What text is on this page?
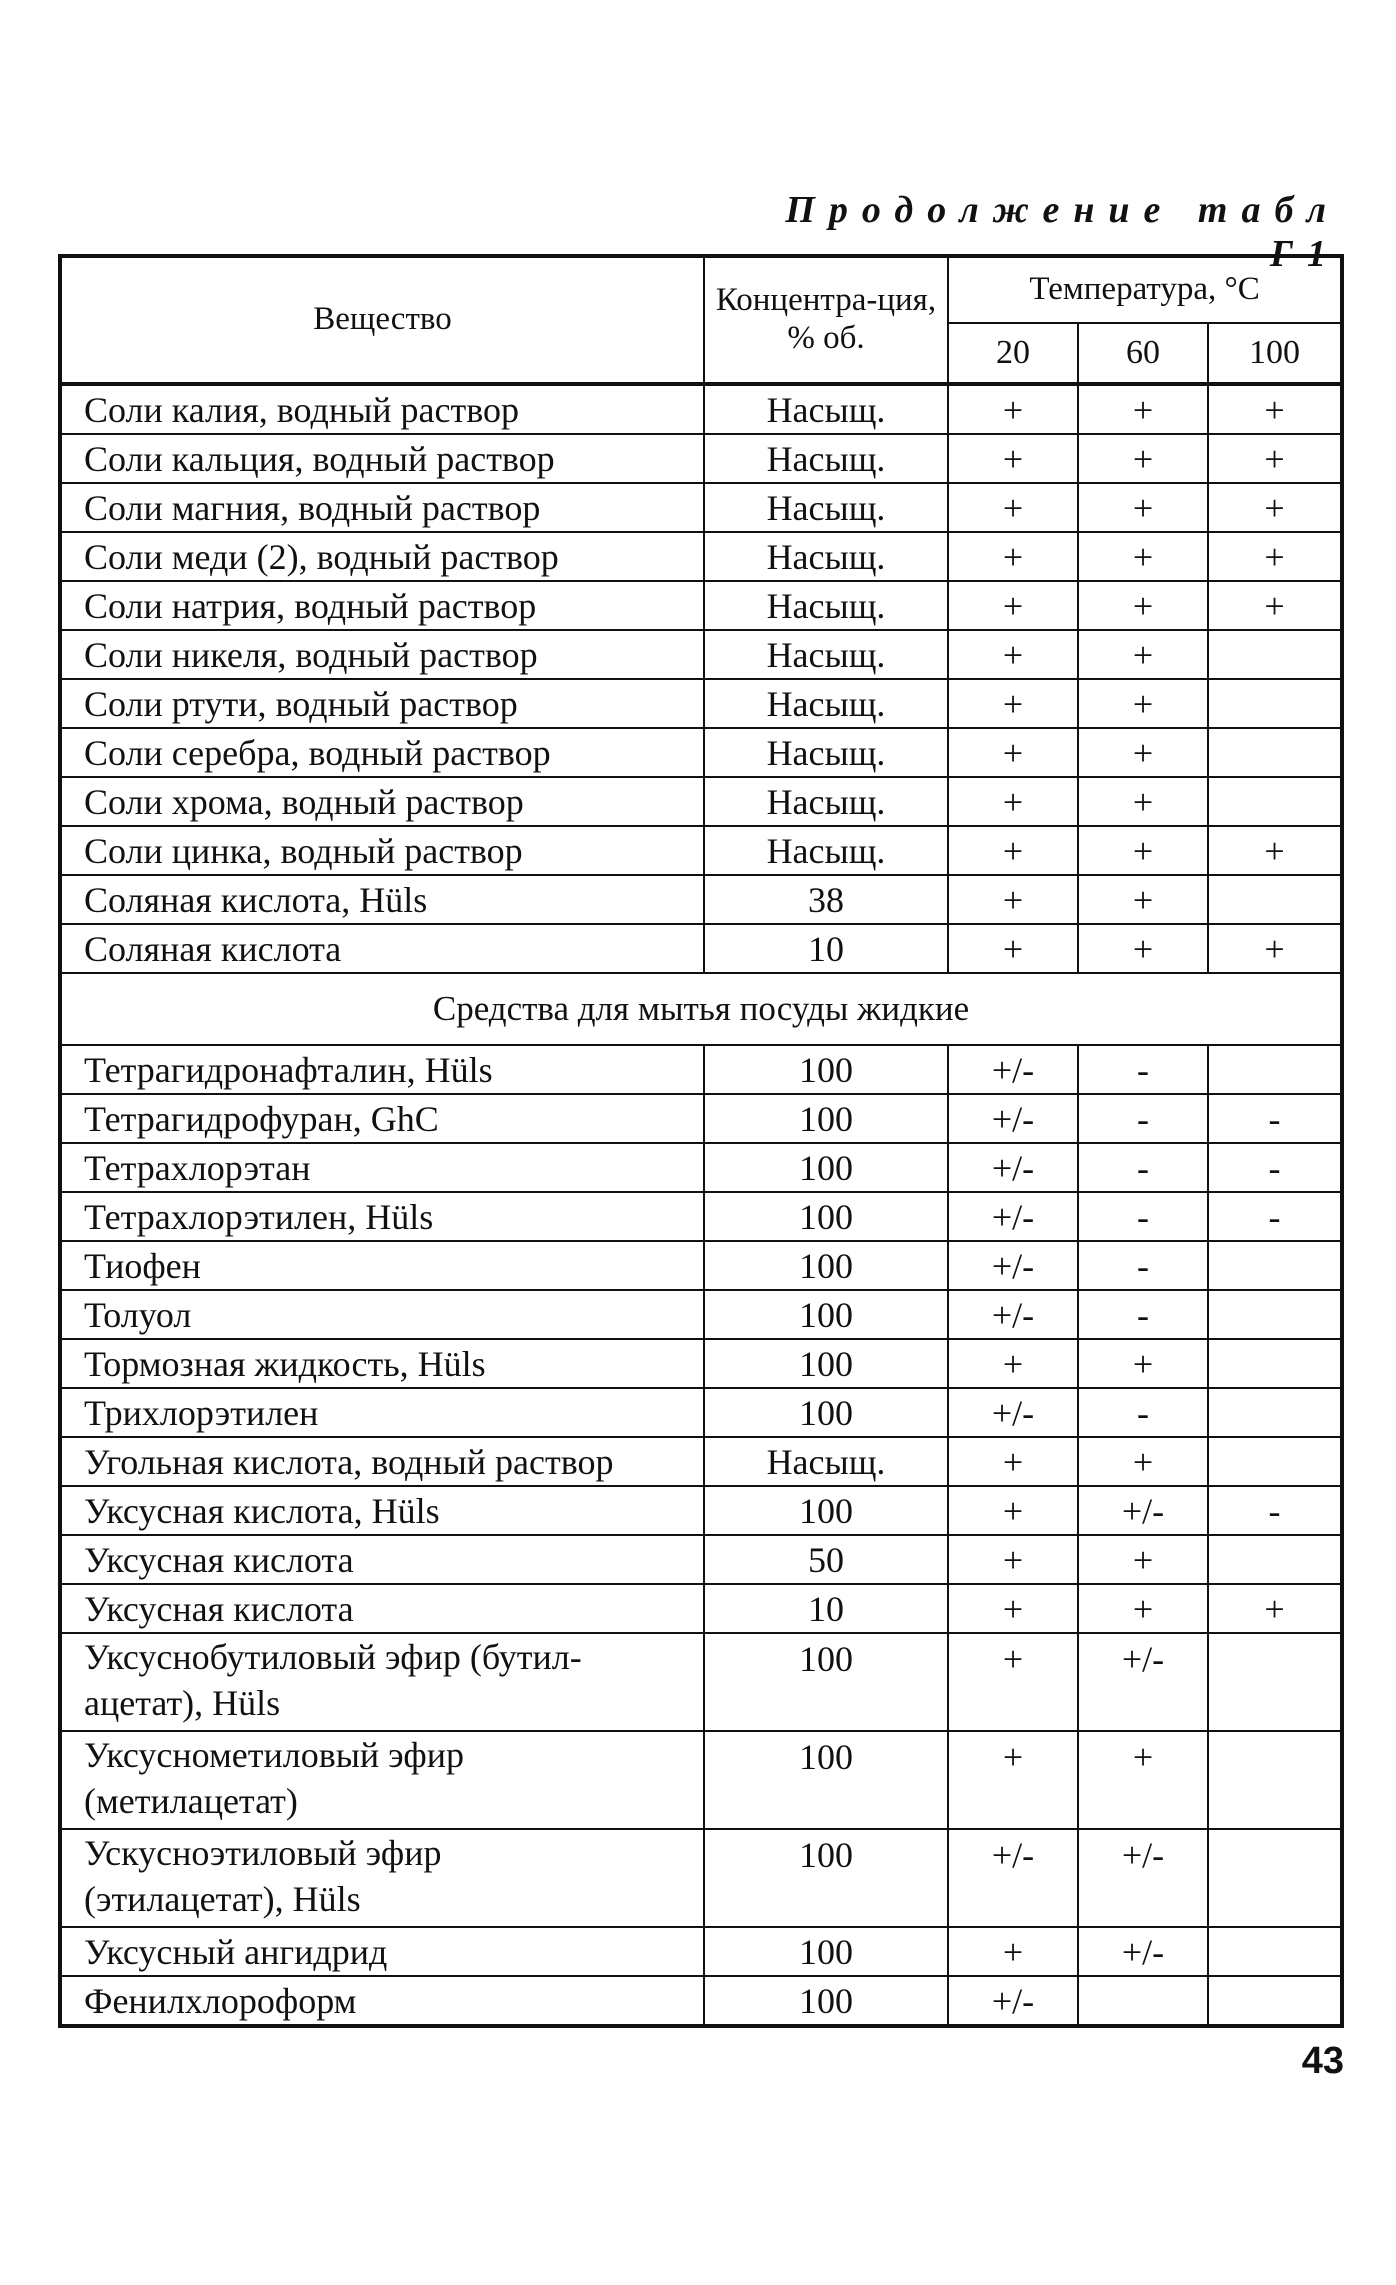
Продолжение табл Г1
Вещество	Концентра-ция, % об.	Температура, °С		
		20	60	100
Соли калия, водный раствор	Насыщ.	+	+	+
Соли кальция, водный раствор	Насыщ.	+	+	+
Соли магния, водный раствор	Насыщ.	+	+	+
Соли меди (2), водный раствор	Насыщ.	+	+	+
Соли натрия, водный раствор	Насыщ.	+	+	+
Соли никеля, водный раствор	Насыщ.	+	+	
Соли ртути, водный раствор	Насыщ.	+	+	
Соли серебра, водный раствор	Насыщ.	+	+	
Соли хрома, водный раствор	Насыщ.	+	+	
Соли цинка, водный раствор	Насыщ.	+	+	+
Соляная кислота, Hüls	38	+	+	
Соляная кислота	10	+	+	+
Средства для мытья посуды жидкие				
Тетрагидронафталин, Hüls	100	+/-	-	
Тетрагидрофуран, GhC	100	+/-	-	-
Тетрахлорэтан	100	+/-	-	-
Тетрахлорэтилен, Hüls	100	+/-	-	-
Тиофен	100	+/-	-	
Толуол	100	+/-	-	
Тормозная жидкость, Hüls	100	+	+	
Трихлорэтилен	100	+/-	-	
Угольная кислота, водный раствор	Насыщ.	+	+	
Уксусная кислота, Hüls	100	+	+/-	-
Уксусная кислота	50	+	+	
Уксусная кислота	10	+	+	+

Уксуснобутиловый эфир (бутил-
ацетат), Hüls	100	+	+/-	

Уксуснометиловый эфир
(метилацетат)	100	+	+	

Ускусноэтиловый эфир
(этилацетат), Hüls	100	+/-	+/-	
Уксусный ангидрид	100	+	+/-	
Фенилхлороформ	100	+/-		
43
